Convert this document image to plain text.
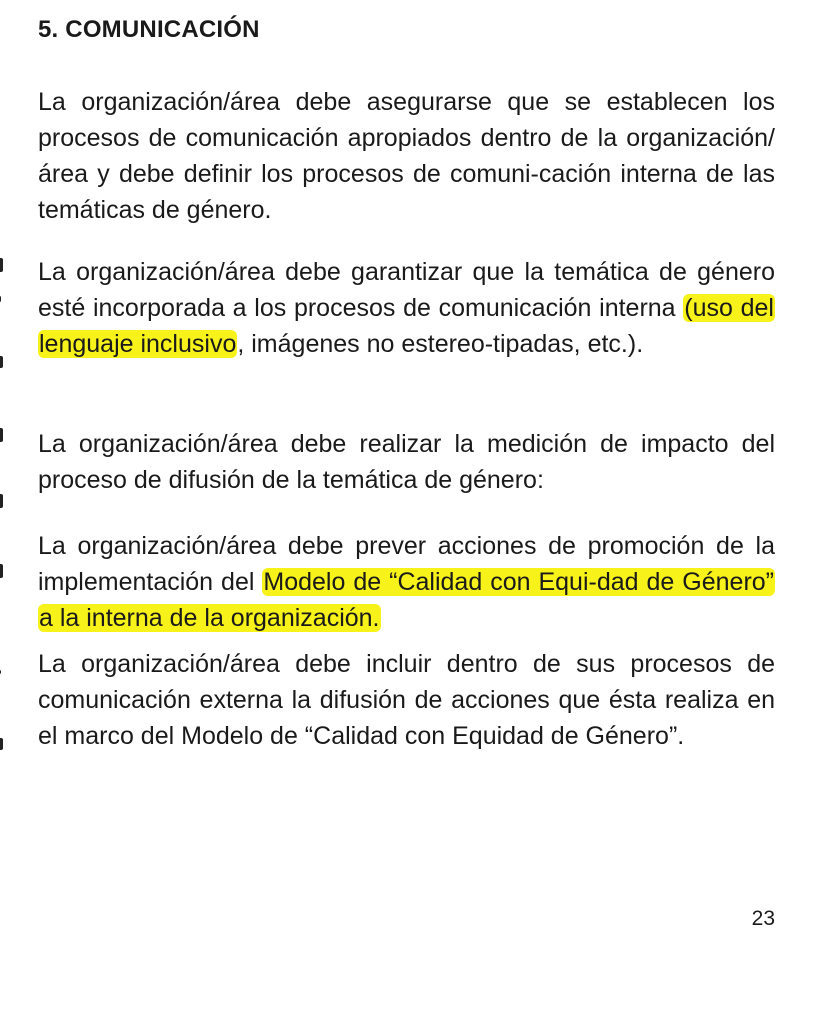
5. COMUNICACIÓN

La organización/área debe asegurarse que se establecen los procesos de comunicación apropiados dentro de la organización/área y debe definir los procesos de comuni-cación interna de las temáticas de género.

La organización/área debe garantizar que la temática de género esté incorporada a los procesos de comunicación interna (uso del lenguaje inclusivo, imágenes no estereo-tipadas, etc.).

La organización/área debe realizar la medición de impacto del proceso de difusión de la temática de género:

La organización/área debe prever acciones de promoción de la implementación del Modelo de “Calidad con Equi-dad de Género” a la interna de la organización.

La organización/área debe incluir dentro de sus procesos de comunicación externa la difusión de acciones que ésta realiza en el marco del Modelo de “Calidad con Equidad de Género”.

23
